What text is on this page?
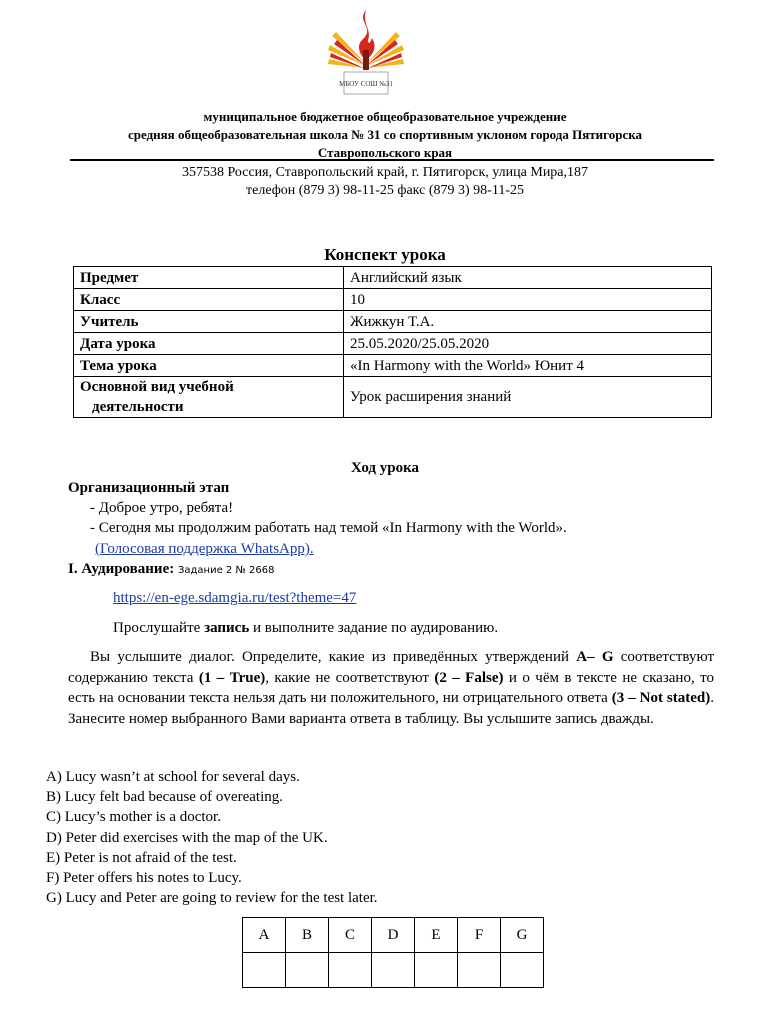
МБОУ СОШ №31
муниципальное бюджетное общеобразовательное учреждение
средняя общеобразовательная школа № 31 со спортивным уклоном города Пятигорска
Ставропольского края
357538 Россия, Ставропольский край, г. Пятигорск, улица Мира,187
телефон (879 3) 98-11-25 факс (879 3) 98-11-25
Конспект урока
Предмет	Английский язык
Класс	10
Учитель	Жижкун Т.А.
Дата урока	25.05.2020/25.05.2020
Тема урока	«In Harmony with the World» Юнит 4
Основной вид учебной

деятельности	Урок расширения знаний
Ход урока
Организационный этап
- Доброе утро, ребята!
- Сегодня мы продолжим работать над темой «In Harmony with the World».
(Голосовая поддержка WhatsApp).
I. Аудирование: Задание 2 № 2668
https://en-ege.sdamgia.ru/test?theme=47
Прослушайте запись и выполните задание по аудированию.
Вы услышите диалог. Определите, какие из приведённых утверждений A– G соответствуют содержанию текста (1 – True), какие не соответствуют (2 – False) и о чём в тексте не сказано, то есть на основании текста нельзя дать ни положительного, ни отрицательного ответа (3 – Not stated). Занесите номер выбранного Вами варианта ответа в таблицу. Вы услышите запись дважды.
A) Lucy wasn’t at school for several days.
B) Lucy felt bad because of overeating.
C) Lucy’s mother is a doctor.
D) Peter did exercises with the map of the UK.
E) Peter is not afraid of the test.
F) Peter offers his notes to Lucy.
G) Lucy and Peter are going to review for the test later.
A	B	C	D	E	F	G
